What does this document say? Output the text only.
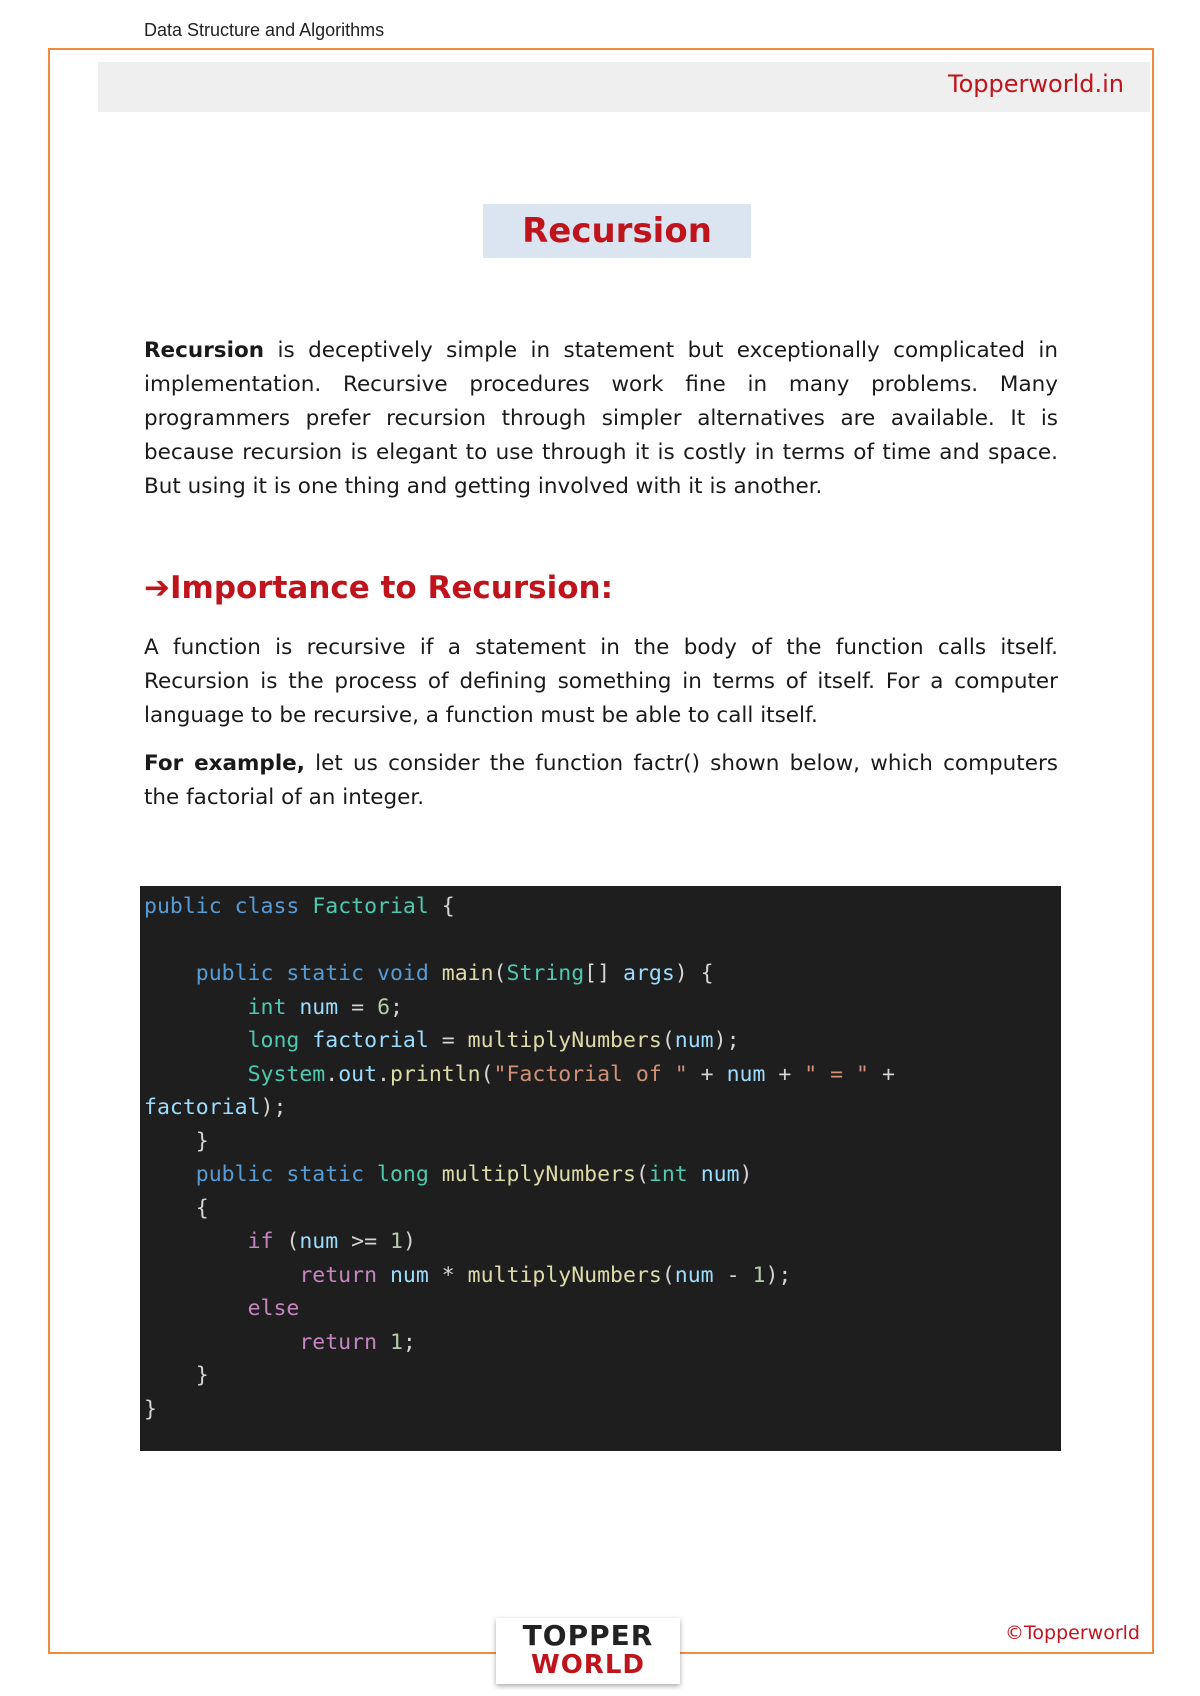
Data Structure and Algorithms
Topperworld.in
Recursion

Recursion is deceptively simple in statement but exceptionally complicated in implementation. Recursive procedures work fine in many problems. Many programmers prefer recursion through simpler alternatives are available. It is because recursion is elegant to use through it is costly in terms of time and space. But using it is one thing and getting involved with it is another.

➔Importance to Recursion:

A function is recursive if a statement in the body of the function calls itself. Recursion is the process of defining something in terms of itself. For a computer language to be recursive, a function must be able to call itself.

For example, let us consider the function factr() shown below, which computers the factorial of an integer.

public class Factorial {

public static void main(String[] args) {
int num = 6;
long factorial = multiplyNumbers(num);
System.out.println("Factorial of " + num + " = " +
factorial);
}
public static long multiplyNumbers(int num)
{
if (num >= 1)
return num * multiplyNumbers(num - 1);
else
return 1;
}
}
TOPPER
WORLD
©Topperworld
